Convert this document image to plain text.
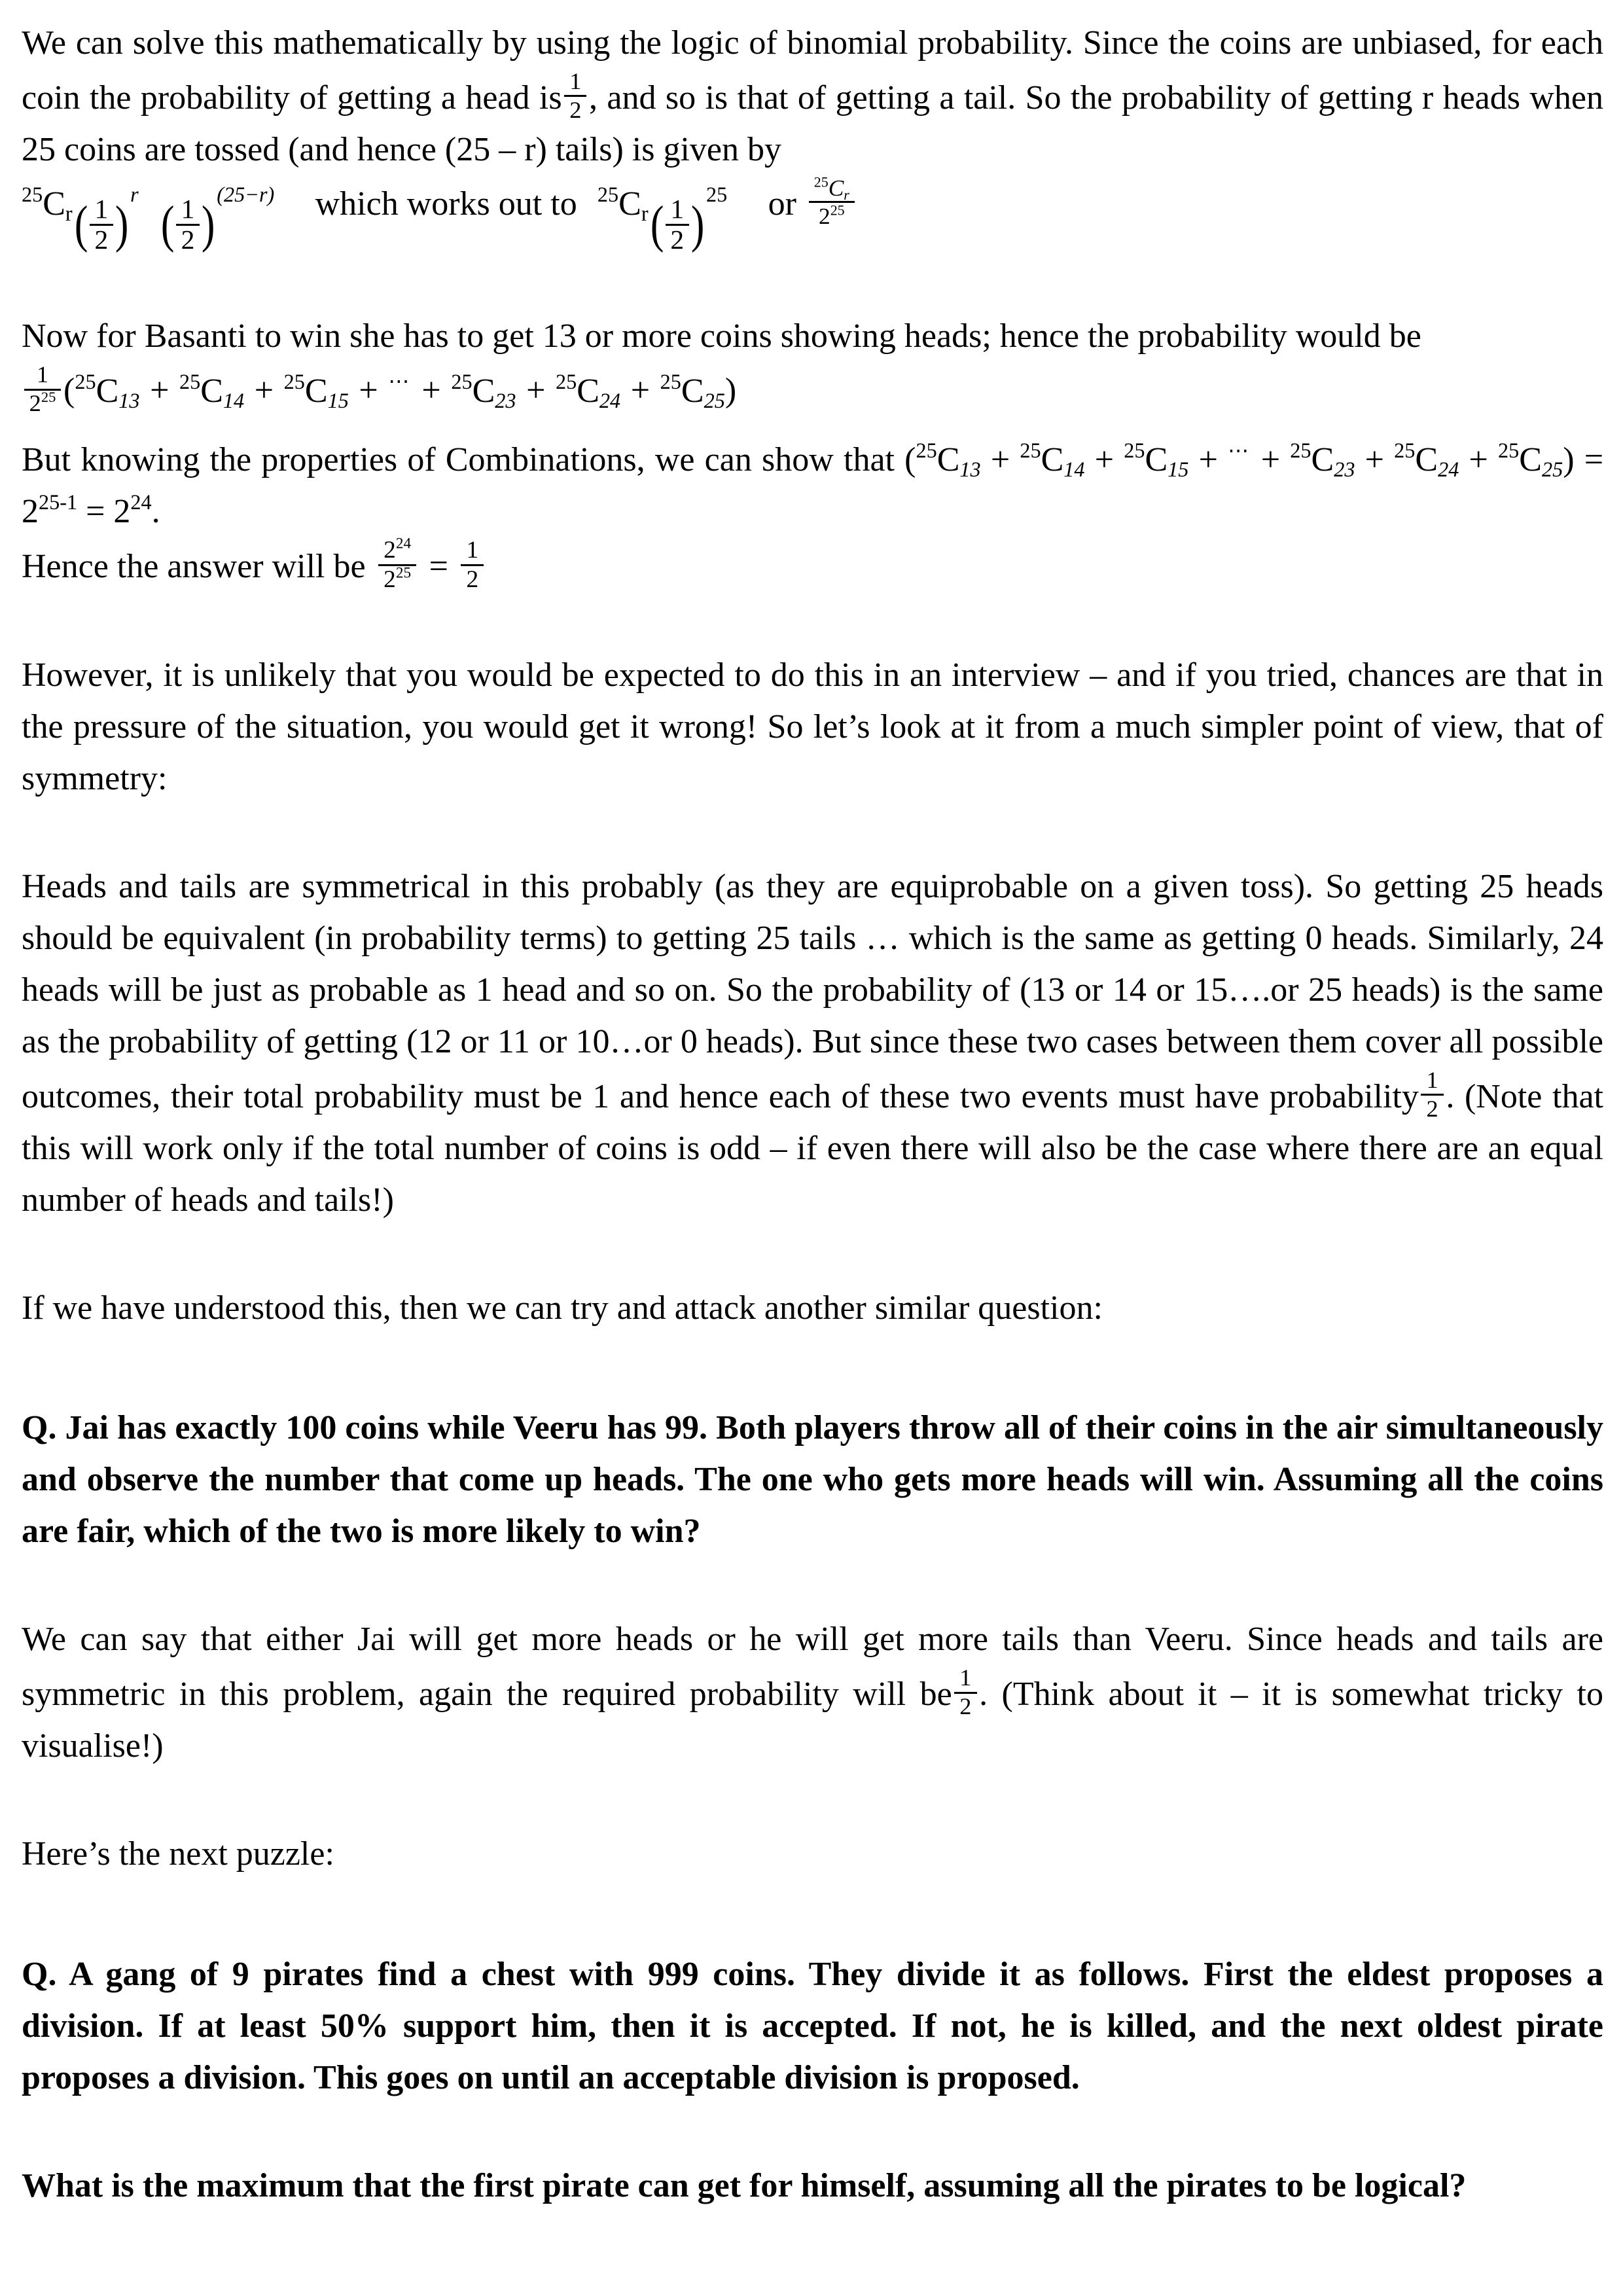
We can solve this mathematically by using the logic of binomial probability. Since the coins are unbiased, for each coin the probability of getting a head is $\frac{1}{2}$ , and so is that of getting a tail. So the probability of getting r heads when 25 coins are tossed (and hence (25 – r) tails) is given by

$^{25}C_r( \frac{1}{2} )^r( \frac{1}{2} )^{(25-r)}$ which works out to $^{25}C_r( \frac{1}{2} )^{25}$ or $\frac{^{25}C_r}{2^{25}}$

Now for Basanti to win she has to get 13 or more coins showing heads; hence the probability would be

$\frac{1}{2^{25}} (^{25}C_{13} + ^{25}C_{14} + ^{25}C_{15} + ^\cdots + ^{25}C_{23} + ^{25}C_{24} + ^{25}C_{25})$

But knowing the properties of Combinations, we can show that $(^{25}C_{13} + ^{25}C_{14} + ^{25}C_{15} + ^\cdots + ^{25}C_{23} + ^{25}C_{24} + ^{25}C_{25}) = 2^{25-1} = 2^{24}$.

Hence the answer will be $\frac{2^{24}}{2^{25}} = \frac{1}{2}$

However, it is unlikely that you would be expected to do this in an interview – and if you tried, chances are that in the pressure of the situation, you would get it wrong! So let’s look at it from a much simpler point of view, that of symmetry:

Heads and tails are symmetrical in this probably (as they are equiprobable on a given toss). So getting 25 heads should be equivalent (in probability terms) to getting 25 tails … which is the same as getting 0 heads. Similarly, 24 heads will be just as probable as 1 head and so on. So the probability of (13 or 14 or 15….or 25 heads) is the same as the probability of getting (12 or 11 or 10…or 0 heads). But since these two cases between them cover all possible outcomes, their total probability must be 1 and hence each of these two events must have probability $\frac{1}{2}$ . (Note that this will work only if the total number of coins is odd – if even there will also be the case where there are an equal number of heads and tails!)

If we have understood this, then we can try and attack another similar question:

Q. Jai has exactly 100 coins while Veeru has 99. Both players throw all of their coins in the air simultaneously and observe the number that come up heads. The one who gets more heads will win. Assuming all the coins are fair, which of the two is more likely to win?

We can say that either Jai will get more heads or he will get more tails than Veeru. Since heads and tails are symmetric in this problem, again the required probability will be $\frac{1}{2}$ . (Think about it – it is somewhat tricky to visualise!)

Here’s the next puzzle:

Q. A gang of 9 pirates find a chest with 999 coins. They divide it as follows. First the eldest proposes a division. If at least 50% support him, then it is accepted. If not, he is killed, and the next oldest pirate proposes a division. This goes on until an acceptable division is proposed.

What is the maximum that the first pirate can get for himself, assuming all the pirates to be logical?
